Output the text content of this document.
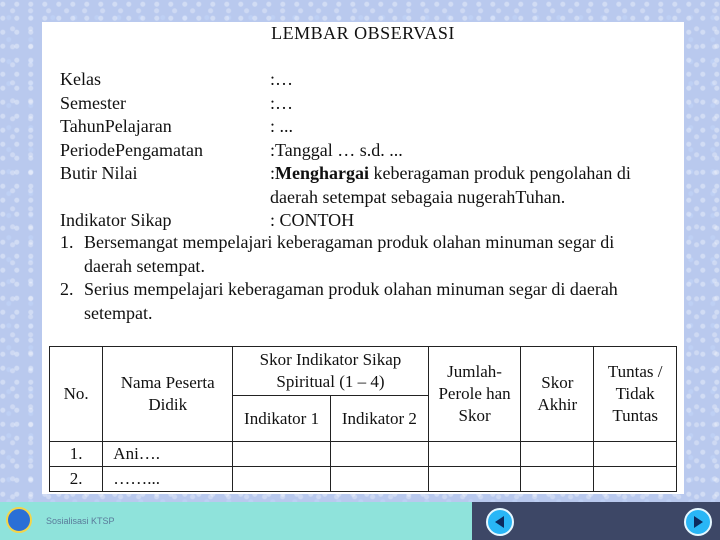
LEMBAR OBSERVASI
Kelas	:…
Semester	:…
TahunPelajaran	: ...
PeriodePengamatan	:Tanggal … s.d. ...
Butir Nilai	:Menghargai keberagaman produk pengolahan di
daerah setempat sebagaia nugerahTuhan.
Indikator Sikap	: CONTOH
1. Bersemangat mempelajari keberagaman produk olahan minuman segar di
daerah setempat.
2. Serius mempelajari keberagaman produk olahan minuman segar di daerah
setempat.
No.	Nama Peserta Didik	Skor Indikator Sikap Spiritual (1 – 4)		Jumlah-Perole han Skor	Skor Akhir	Tuntas / Tidak Tuntas
		Indikator 1	Indikator 2			
1.	Ani….					
2.	……...					
Sosialisasi KTSP
